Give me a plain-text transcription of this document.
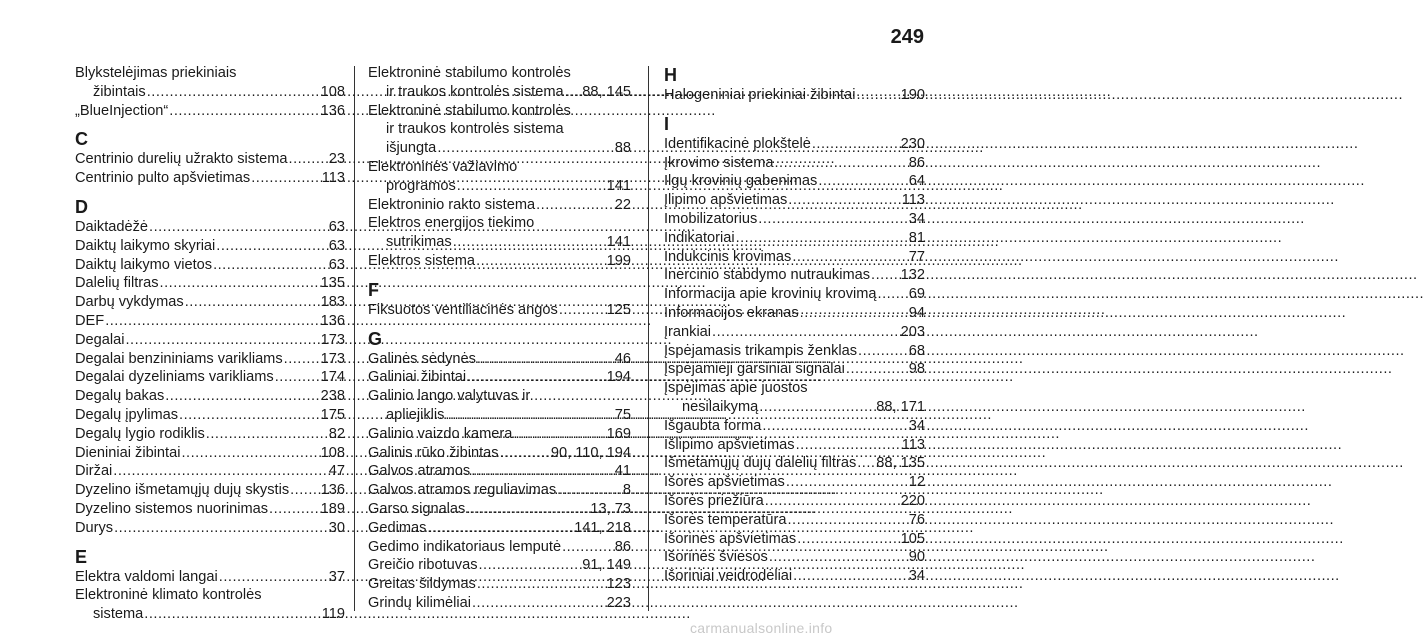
249
Blykstelėjimas priekiniais
žibintais .....	108
„BlueInjection“ .....	136
C
Centrinio durelių užrakto sistema .....	23
Centrinio pulto apšvietimas .....	113
D
Daiktadėžė .....	63
Daiktų laikymo skyriai .....	63
Daiktų laikymo vietos .....	63
Dalelių filtras .....	135
Darbų vykdymas .....	183
DEF .....	136
Degalai .....	173
Degalai benzininiams varikliams .....	173
Degalai dyzeliniams varikliams .....	174
Degalų bakas .....	238
Degalų įpylimas .....	175
Degalų lygio rodiklis .....	82
Dieniniai žibintai .....	108
Diržai .....	47
Dyzelino išmetamųjų dujų skystis ..... 136
Dyzelino sistemos nuorinimas .....	189
Durys .....	30
E
Elektra valdomi langai .....	37
Elektroninė klimato kontrolės
sistema .....	119
Elektroninė stabilumo kontrolės
ir traukos kontrolės sistema ..... 88, 145
Elektroninė stabilumo kontrolės
ir traukos kontrolės sistema
išjungta .....	88
Elektroninės važiavimo
programos .....	141
Elektroninio rakto sistema .....	22
Elektros energijos tiekimo
sutrikimas .....	141
Elektros sistema .....	199
F
Fiksuotos ventiliacinės angos .....	125
G
Galinės sėdynės .....	46
Galiniai žibintai .....	194
Galinio lango valytuvas ir
apliejiklis .....	75
Galinio vaizdo kamera .....	169
Galinis rūko žibintas .....	90, 110, 194
Galvos atramos .....	41
Galvos atramos reguliavimas .....	8
Garso signalas .....	13, 73
Gedimas .....	141, 218
Gedimo indikatoriaus lemputė .....	86
Greičio ribotuvas .....	91, 149
Greitas šildymas .....	123
Grindų kilimėliai .....	223
H
Halogeniniai priekiniai žibintai .....	190
I
Identifikacinė plokštelė .....	230
Įkrovimo sistema .....	86
Ilgų krovinių gabenimas .....	64
Įlipimo apšvietimas .....	113
Imobilizatorius .....	34
Indikatoriai .....	81
Indukcinis krovimas .....	77
Inercinio stabdymo nutraukimas ..... 132
Informacija apie krovinių krovimą ..... 69
Informacijos ekranas .....	94
Įrankiai .....	203
Įspėjamasis trikampis ženklas .....	68
Įspėjamieji garsiniai signalai .....	98
Įspėjimas apie juostos
nesilaikymą .....	88, 171
Išgaubta forma .....	34
Išlipimo apšvietimas .....	113
Išmetamųjų dujų dalelių filtras ..... 88, 135
Išorės apšvietimas .....	12
Išorės priežiūra .....	220
Išorės temperatūra .....	76
Išorinės apšvietimas .....	105
Išorinės šviesos .....	90
Išoriniai veidrodėliai .....	34
carmanualsonline.info
